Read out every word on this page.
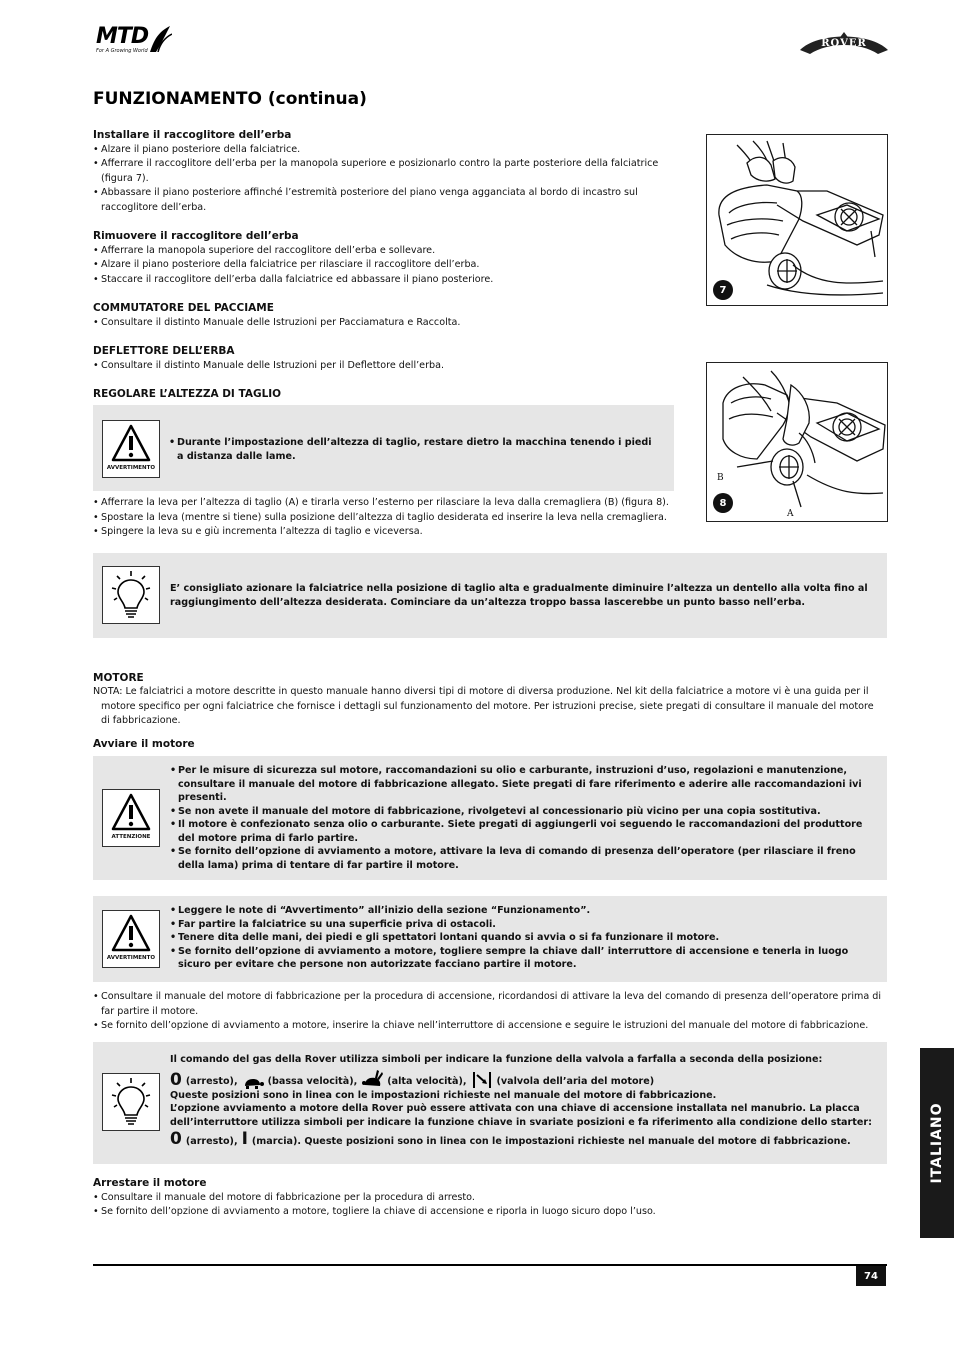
MTD
For A Growing World
ROVER
FUNZIONAMENTO (continua)
Installare il raccoglitore dell’erba
• Alzare il piano posteriore della falciatrice.
• Afferrare il raccoglitore dell’erba per la manopola superiore e posizionarlo contro la parte posteriore della falciatrice (figura 7).
• Abbassare il piano posteriore affinché l’estremità posteriore del piano venga agganciata al bordo di incastro sul raccoglitore dell’erba.
Rimuovere il raccoglitore dell’erba
• Afferrare la manopola superiore del raccoglitore dell’erba e sollevare.
• Alzare il piano posteriore della falciatrice per rilasciare il raccoglitore dell’erba.
• Staccare il raccoglitore dell’erba dalla falciatrice ed abbassare il piano posteriore.
COMMUTATORE DEL PACCIAME
• Consultare il distinto Manuale delle Istruzioni per Pacciamatura e Raccolta.
DEFLETTORE DELL’ERBA
• Consultare il distinto Manuale delle Istruzioni per il Deflettore dell’erba.
REGOLARE L’ALTEZZA DI TAGLIO
AVVERTIMENTO
• Durante l’impostazione dell’altezza di taglio, restare dietro la macchina tenendo i piedi a distanza dalle lame.
• Afferrare la leva per l’altezza di taglio (A) e tirarla verso l’esterno per rilasciare la leva dalla cremagliera (B) (figura 8).
• Spostare la leva (mentre si tiene) sulla posizione dell’altezza di taglio desiderata ed inserire la leva nella cremagliera.
• Spingere la leva su e giù incrementa l’altezza di taglio e viceversa.
7
B
A
8
E’ consigliato azionare la falciatrice nella posizione di taglio alta e gradualmente diminuire l’altezza un dentello alla volta fino al raggiungimento dell’altezza desiderata. Cominciare da un’altezza troppo bassa lascerebbe un punto basso nell’erba.
MOTORE
NOTA: Le falciatrici a motore descritte in questo manuale hanno diversi tipi di motore di diversa produzione. Nel kit della falciatrice a motore vi è una guida per il motore specifico per ogni falciatrice che fornisce i dettagli sul funzionamento del motore. Per istruzioni precise, siete pregati di consultare il manuale del motore di fabbricazione.
Avviare il motore
ATTENZIONE
• Per le misure di sicurezza sul motore, raccomandazioni su olio e carburante, instruzioni d’uso, regolazioni e manutenzione, consultare il manuale del motore di fabbricazione allegato. Siete pregati di fare riferimento e aderire alle raccomandazioni ivi presenti.
• Se non avete il manuale del motore di fabbricazione, rivolgetevi al concessionario più vicino per una copia sostitutiva.
• Il motore è confezionato senza olio o carburante. Siete pregati di aggiungerli voi seguendo le raccomandazioni del produttore del motore prima di farlo partire.
• Se fornito dell’opzione di avviamento a motore, attivare la leva di comando di presenza dell’operatore (per rilasciare il freno della lama) prima di tentare di far partire il motore.
AVVERTIMENTO
• Leggere le note di “Avvertimento” all’inizio della sezione “Funzionamento”.
• Far partire la falciatrice su una superficie priva di ostacoli.
• Tenere dita delle mani, dei piedi e gli spettatori lontani quando si avvia o si fa funzionare il motore.
• Se fornito dell’opzione di avviamento a motore, togliere sempre la chiave dall’ interruttore di accensione e tenerla in luogo sicuro per evitare che persone non autorizzate facciano partire il motore.
• Consultare il manuale del motore di fabbricazione per la procedura di accensione, ricordandosi di attivare la leva del comando di presenza dell’operatore prima di far partire il motore.
• Se fornito dell’opzione di avviamento a motore, inserire la chiave nell’interruttore di accensione e seguire le istruzioni del manuale del motore di fabbricazione.
Il comando del gas della Rover utilizza simboli per indicare la funzione della valvola a farfalla a seconda della posizione:
0 (arresto),	(bassa velocità),	(alta velocità),	(valvola dell’aria del motore)
Queste posizioni sono in linea con le impostazioni richieste nel manuale del motore di fabbricazione.
L’opzione avviamento a motore della Rover può essere attivata con una chiave di accensione installata nel manubrio. La placca dell’interruttore utilizza simboli per indicare la funzione chiave in svariate posizioni e fa riferimento alla condizione dello starter:
0 (arresto), I (marcia). Queste posizioni sono in linea con le impostazioni richieste nel manuale del motore di fabbricazione.
Arrestare il motore
• Consultare il manuale del motore di fabbricazione per la procedura di arresto.
• Se fornito dell’opzione di avviamento a motore, togliere la chiave di accensione e riporla in luogo sicuro dopo l’uso.
ITALIANO
74
